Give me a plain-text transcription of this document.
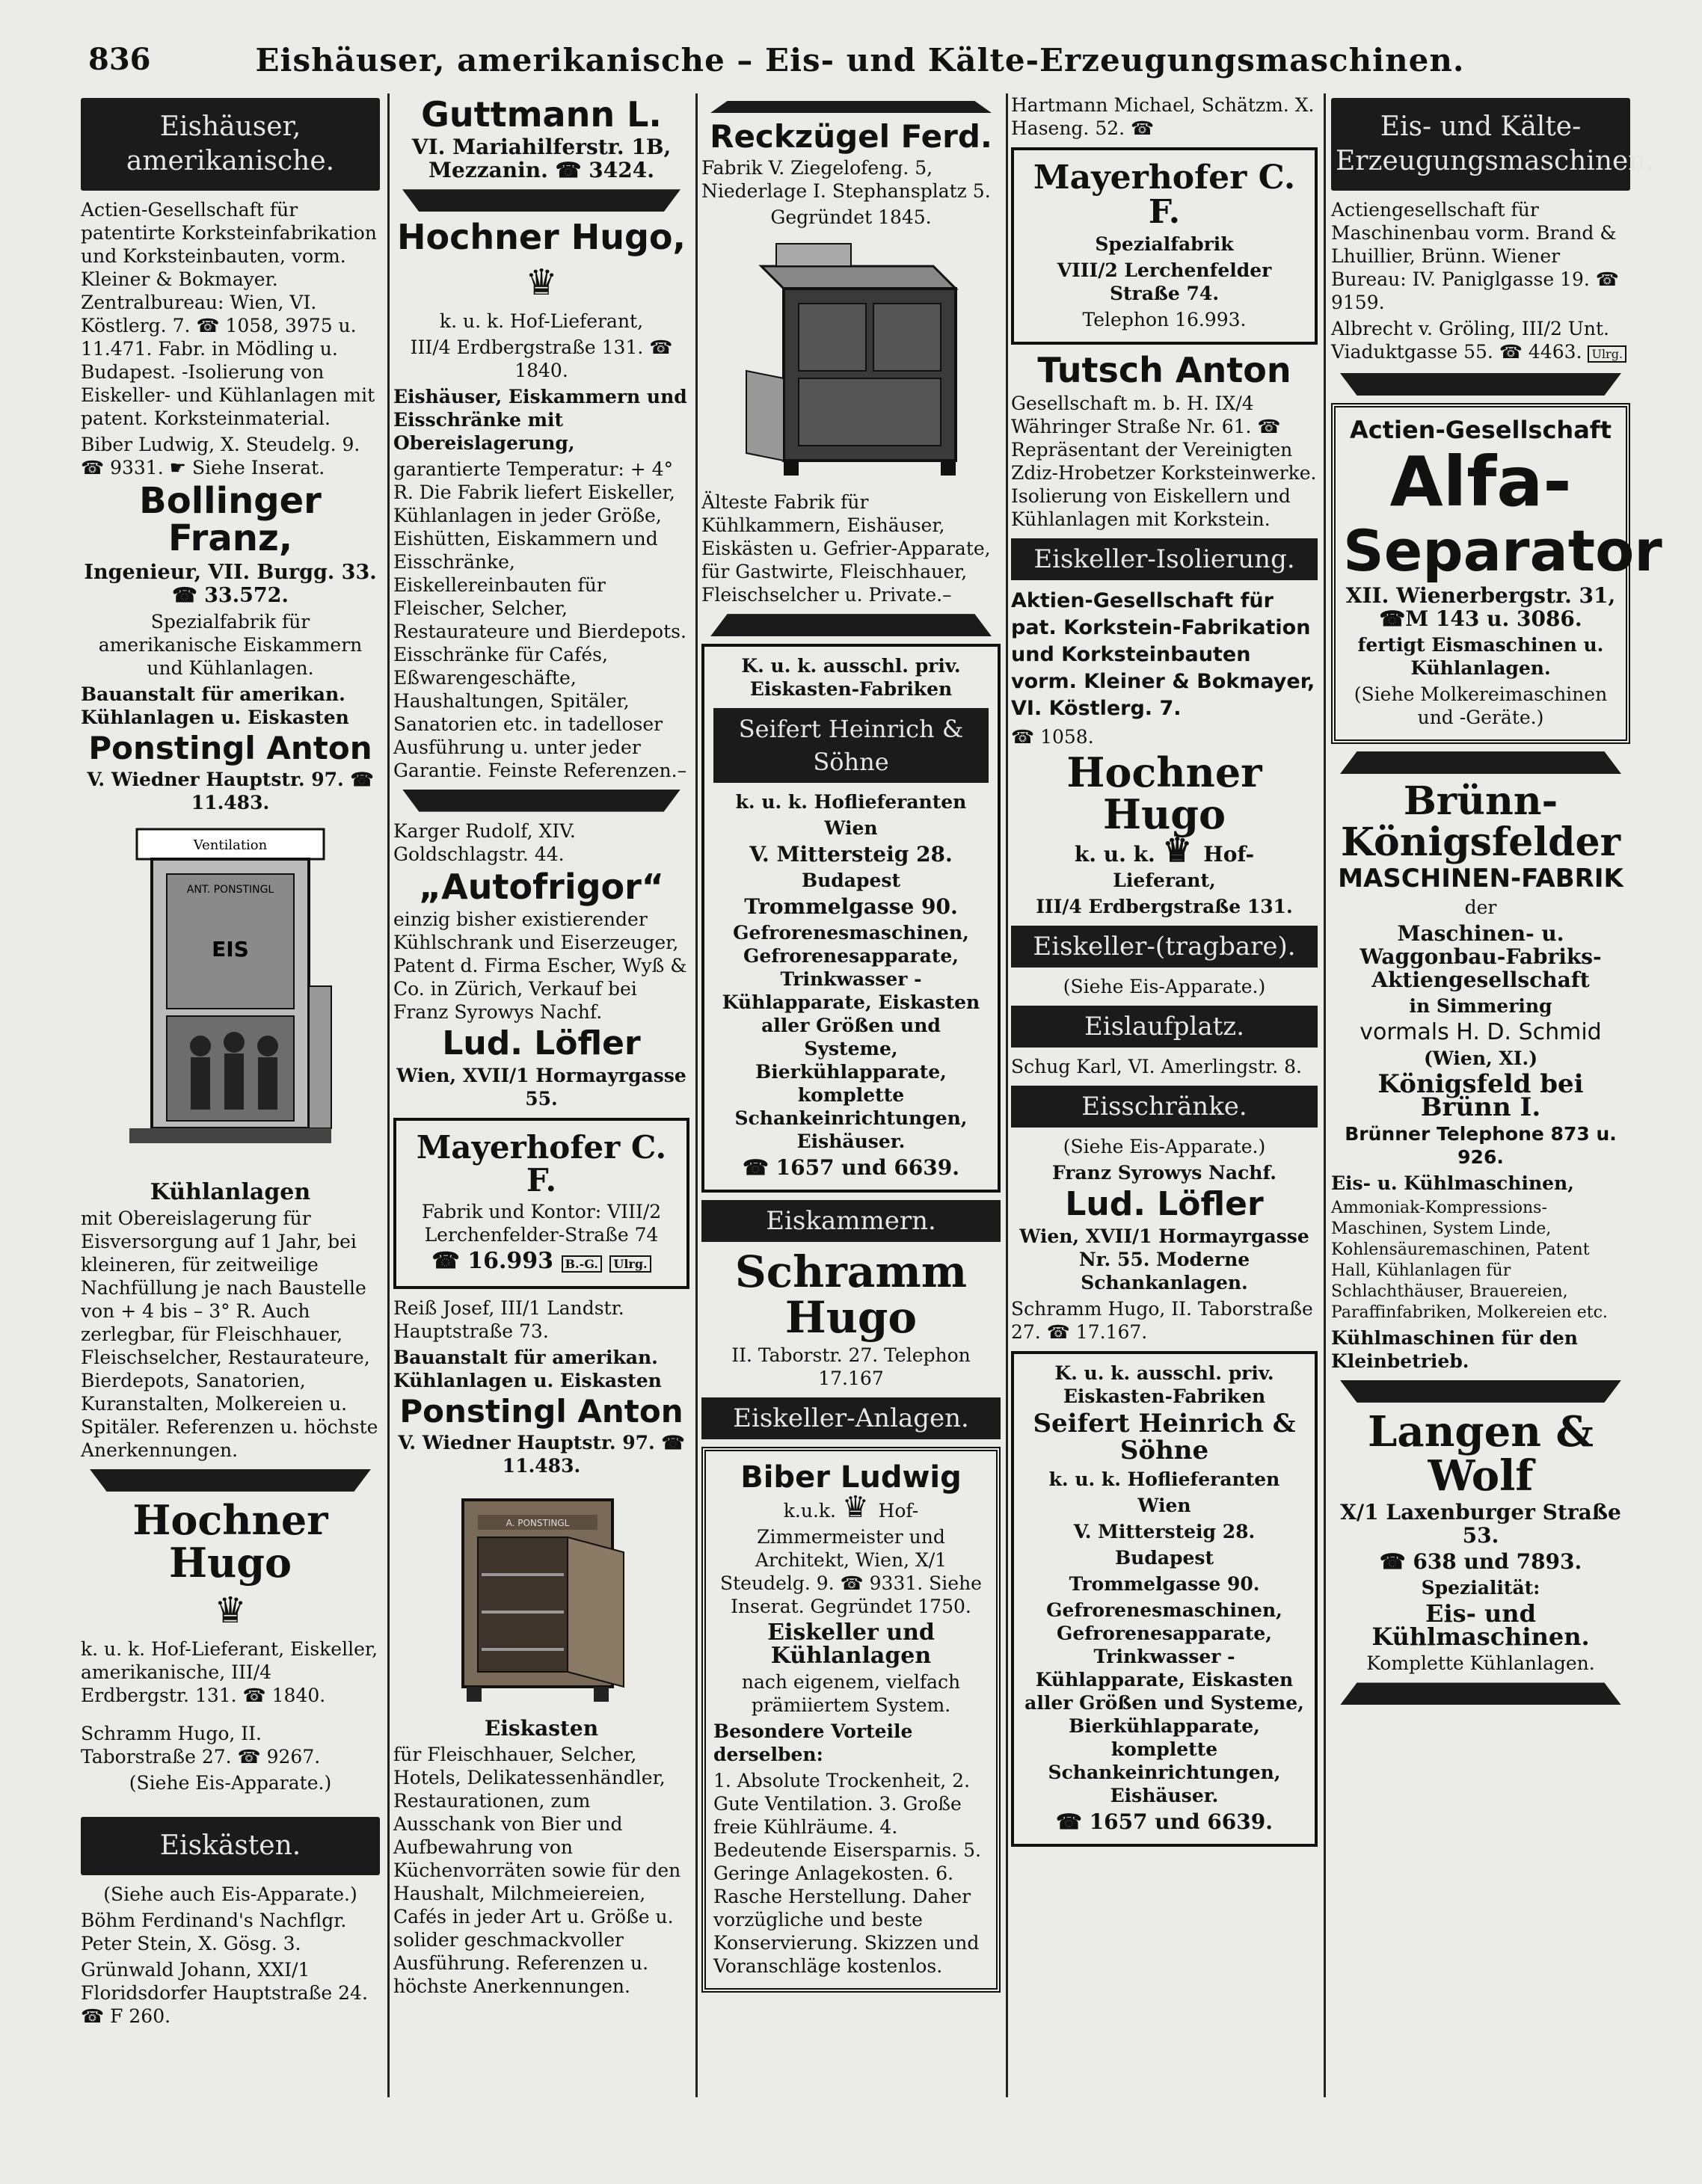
836	Eishäuser, amerikanische – Eis- und Kälte-Erzeugungsmaschinen.
Eishäuser, amerikanische.

Actien-Gesellschaft für patentirte Korksteinfabrikation und Korksteinbauten, vorm. Kleiner & Bokmayer. Zentralbureau: Wien, VI. Köstlerg. 7. ☎ 1058, 3975 u. 11.471. Fabr. in Mödling u. Budapest. -Isolierung von Eiskeller- und Kühlanlagen mit patent. Korksteinmaterial.

Biber Ludwig, X. Steudelg. 9. ☎ 9331. ☛ Siehe Inserat.

Bollinger Franz,

Ingenieur, VII. Burgg. 33. ☎ 33.572.

Spezialfabrik für amerikanische Eiskammern und Kühlanlagen.

Bauanstalt für amerikan. Kühlanlagen u. Eiskasten

Ponstingl Anton

V. Wiedner Hauptstr. 97. ☎ 11.483.

Ventilation
ANT. PONSTINGL
EIS

Kühlanlagen

mit Obereislagerung für Eisversorgung auf 1 Jahr, bei kleineren, für zeitweilige Nachfüllung je nach Baustelle von + 4 bis – 3° R. Auch zerlegbar, für Fleischhauer, Fleischselcher, Restaurateure, Bierdepots, Sanatorien, Kuranstalten, Molkereien u. Spitäler. Referenzen u. höchste Anerkennungen.

Hochner Hugo
♛

k. u. k. Hof-Lieferant, Eiskeller, amerikanische, III/4 Erdbergstr. 131. ☎ 1840.

Schramm Hugo, II. Taborstraße 27. ☎ 9267.

(Siehe Eis-Apparate.)

Eiskästen.

(Siehe auch Eis-Apparate.)

Böhm Ferdinand's Nachflgr. Peter Stein, X. Gösg. 3.

Grünwald Johann, XXI/1 Floridsdorfer Hauptstraße 24. ☎ F 260.

Guttmann L.

VI. Mariahilferstr. 1B, Mezzanin. ☎ 3424.

Hochner Hugo,
♛

k. u. k. Hof-Lieferant,

III/4 Erdbergstraße 131. ☎ 1840.

Eishäuser, Eiskammern und Eisschränke mit Obereislagerung,

garantierte Temperatur: + 4° R. Die Fabrik liefert Eiskeller, Kühlanlagen in jeder Größe, Eishütten, Eiskammern und Eisschränke, Eiskellereinbauten für Fleischer, Selcher, Restaurateure und Bierdepots. Eisschränke für Cafés, Eßwarengeschäfte, Haushaltungen, Spitäler, Sanatorien etc. in tadelloser Ausführung u. unter jeder Garantie. Feinste Referenzen.–

Karger Rudolf, XIV. Goldschlagstr. 44.

„Autofrigor“

einzig bisher existierender Kühlschrank und Eiserzeuger, Patent d. Firma Escher, Wyß & Co. in Zürich, Verkauf bei Franz Syrowys Nachf.

Lud. Löfler

Wien, XVII/1 Hormayrgasse 55.

Mayerhofer C. F.

Fabrik und Kontor: VIII/2 Lerchenfelder-Straße 74

☎ 16.993 B.-G. Ulrg.

Reiß Josef, III/1 Landstr. Hauptstraße 73.

Bauanstalt für amerikan. Kühlanlagen u. Eiskasten

Ponstingl Anton

V. Wiedner Hauptstr. 97. ☎ 11.483.

A. PONSTINGL

Eiskasten

für Fleischhauer, Selcher, Hotels, Delikatessenhändler, Restaurationen, zum Ausschank von Bier und Aufbewahrung von Küchenvorräten sowie für den Haushalt, Milchmeiereien, Cafés in jeder Art u. Größe u. solider geschmackvoller Ausführung. Referenzen u. höchste Anerkennungen.

Reckzügel Ferd.

Fabrik V. Ziegelofeng. 5, Niederlage I. Stephansplatz 5.

Gegründet 1845.

Älteste Fabrik für Kühlkammern, Eishäuser, Eiskästen u. Gefrier-Apparate, für Gastwirte, Fleischhauer, Fleischselcher u. Private.–

K. u. k. ausschl. priv. Eiskasten-Fabriken

Seifert Heinrich & Söhne

k. u. k. Hoflieferanten

Wien

V. Mittersteig 28.

Budapest

Trommelgasse 90.

Gefrorenesmaschinen, Gefrorenesapparate, Trinkwasser - Kühlapparate, Eiskasten aller Größen und Systeme, Bierkühlapparate, komplette Schankeinrichtungen, Eishäuser.

☎ 1657 und 6639.

Eiskammern.
Schramm Hugo

II. Taborstr. 27. Telephon 17.167

Eiskeller-Anlagen.
Biber Ludwig

k.u.k. ♛ Hof-

Zimmermeister und Architekt, Wien, X/1 Steudelg. 9. ☎ 9331. Siehe Inserat. Gegründet 1750.

Eiskeller und Kühlanlagen

nach eigenem, vielfach prämiiertem System.

Besondere Vorteile derselben:

1. Absolute Trockenheit, 2. Gute Ventilation. 3. Große freie Kühlräume. 4. Bedeutende Eisersparnis. 5. Geringe Anlagekosten. 6. Rasche Herstellung. Daher vorzügliche und beste Konservierung. Skizzen und Voranschläge kostenlos.

Hartmann Michael, Schätzm. X. Haseng. 52. ☎

Mayerhofer C. F.

Spezialfabrik

VIII/2 Lerchenfelder Straße 74.

Telephon 16.993.

Tutsch Anton

Gesellschaft m. b. H. IX/4 Währinger Straße Nr. 61. ☎ Repräsentant der Vereinigten Zdiz-Hrobetzer Korksteinwerke. Isolierung von Eiskellern und Kühlanlagen mit Korkstein.

Eiskeller-Isolierung.

Aktien-Gesellschaft für pat. Korkstein-Fabrikation und Korksteinbauten vorm. Kleiner & Bokmayer, VI. Köstlerg. 7.

☎ 1058.

Hochner Hugo

k. u. k. ♛ Hof-

Lieferant,

III/4 Erdbergstraße 131.

Eiskeller-(tragbare).

(Siehe Eis-Apparate.)

Eislaufplatz.

Schug Karl, VI. Amerlingstr. 8.

Eisschränke.

(Siehe Eis-Apparate.)

Franz Syrowys Nachf.

Lud. Löfler

Wien, XVII/1 Hormayrgasse Nr. 55. Moderne Schankanlagen.

Schramm Hugo, II. Taborstraße 27. ☎ 17.167.

K. u. k. ausschl. priv. Eiskasten-Fabriken

Seifert Heinrich & Söhne

k. u. k. Hoflieferanten

Wien

V. Mittersteig 28.

Budapest

Trommelgasse 90.

Gefrorenesmaschinen, Gefrorenesapparate, Trinkwasser - Kühlapparate, Eiskasten aller Größen und Systeme, Bierkühlapparate, komplette Schankeinrichtungen, Eishäuser.

☎ 1657 und 6639.

Eis- und Kälte-Erzeugungsmaschinen.

Actiengesellschaft für Maschinenbau vorm. Brand & Lhuillier, Brünn. Wiener Bureau: IV. Paniglgasse 19. ☎ 9159.

Albrecht v. Gröling, III/2 Unt. Viaduktgasse 55. ☎ 4463. Ulrg.

Actien-Gesellschaft
Alfa-
Separator

XII. Wienerbergstr. 31, ☎M 143 u. 3086.

fertigt Eismaschinen u. Kühlanlagen.

(Siehe Molkereimaschinen und -Geräte.)

Brünn-Königsfelder
MASCHINEN-FABRIK

der

Maschinen- u. Waggonbau-Fabriks-Aktiengesellschaft

in Simmering

vormals H. D. Schmid

(Wien, XI.)

Königsfeld bei Brünn I.

Brünner Telephone 873 u. 926.

Eis- u. Kühlmaschinen,

Ammoniak-Kompressions-Maschinen, System Linde, Kohlensäuremaschinen, Patent Hall, Kühlanlagen für Schlachthäuser, Brauereien, Paraffinfabriken, Molkereien etc.

Kühlmaschinen für den Kleinbetrieb.

Langen & Wolf

X/1 Laxenburger Straße 53.

☎ 638 und 7893.

Spezialität:

Eis- und Kühlmaschinen.

Komplette Kühlanlagen.
